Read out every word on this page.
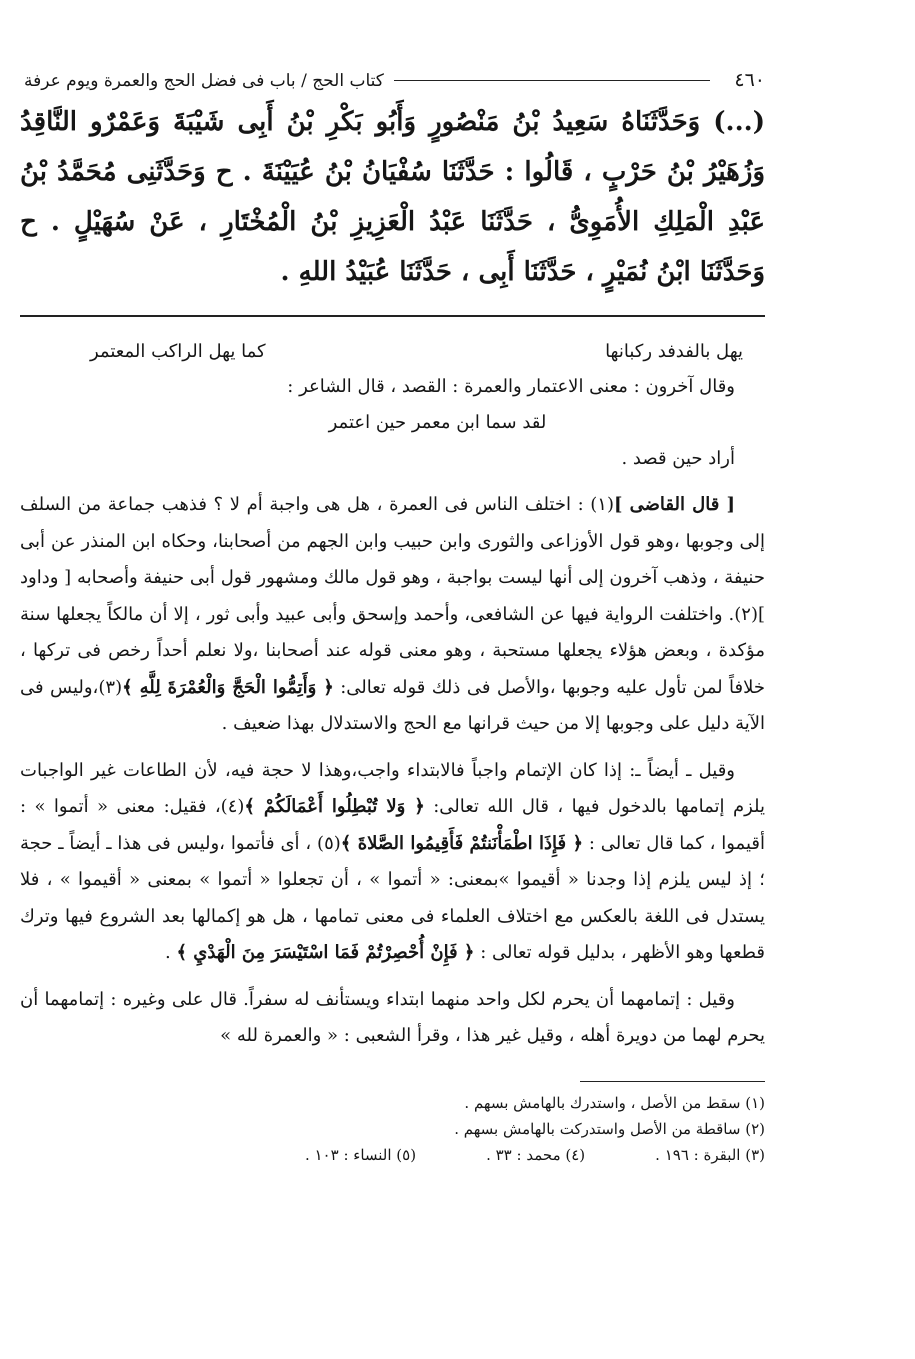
٤٦٠
كتاب الحج / باب فى فضل الحج والعمرة ويوم عرفة
(...) وَحَدَّثَنَاهُ سَعِيدُ بْنُ مَنْصُورٍ وَأَبُو بَكْرِ بْنُ أَبِى شَيْبَةَ وَعَمْرٌو النَّاقِدُ وَزُهَيْرُ بْنُ حَرْبٍ ، قَالُوا : حَدَّثَنَا سُفْيَانُ بْنُ عُيَيْنَةَ . ح وَحَدَّثَنِى مُحَمَّدُ بْنُ عَبْدِ الْمَلِكِ الأُمَوِىُّ ، حَدَّثَنَا عَبْدُ الْعَزِيزِ بْنُ الْمُخْتَارِ ، عَنْ سُهَيْلٍ . ح وَحَدَّثَنَا ابْنُ نُمَيْرٍ ، حَدَّثَنَا أَبِى ، حَدَّثَنَا عُبَيْدُ اللهِ .
يهل بالفدفد ركبانها
كما يهل الراكب المعتمر
وقال آخرون : معنى الاعتمار والعمرة : القصد ، قال الشاعر :
لقد سما ابن معمر حين اعتمر
أراد حين قصد .

[ قال القاضى ](١) : اختلف الناس فى العمرة ، هل هى واجبة أم لا ؟ فذهب جماعة من السلف إلى وجوبها ،وهو قول الأوزاعى والثورى وابن حبيب وابن الجهم من أصحابنا، وحكاه ابن المنذر عن أبى حنيفة ، وذهب آخرون إلى أنها ليست بواجبة ، وهو قول مالك ومشهور قول أبى حنيفة وأصحابه [ وداود ](٢). واختلفت الرواية فيها عن الشافعى، وأحمد وإسحق وأبى عبيد وأبى ثور ، إلا أن مالكاً يجعلها سنة مؤكدة ، وبعض هؤلاء يجعلها مستحبة ، وهو معنى قوله عند أصحابنا ،ولا نعلم أحداً رخص فى تركها ، خلافاً لمن تأول عليه وجوبها ،والأصل فى ذلك قوله تعالى: ﴿ وَأَتِمُّوا الْحَجَّ وَالْعُمْرَةَ لِلَّهِ ﴾(٣)،وليس فى الآية دليل على وجوبها إلا من حيث قرانها مع الحج والاستدلال بهذا ضعيف .

وقيل ـ أيضاً ـ: إذا كان الإتمام واجباً فالابتداء واجب،وهذا لا حجة فيه، لأن الطاعات غير الواجبات يلزم إتمامها بالدخول فيها ، قال الله تعالى: ﴿ وَلا تُبْطِلُوا أَعْمَالَكُمْ ﴾(٤)، فقيل: معنى « أتموا » : أقيموا ، كما قال تعالى : ﴿ فَإِذَا اطْمَأْنَنتُمْ فَأَقِيمُوا الصَّلاةَ ﴾(٥) ، أى فأتموا ،وليس فى هذا ـ أيضاً ـ حجة ؛ إذ ليس يلزم إذا وجدنا « أقيموا »بمعنى: « أتموا » ، أن تجعلوا « أتموا » بمعنى « أقيموا » ، فلا يستدل فى اللغة بالعكس مع اختلاف العلماء فى معنى تمامها ، هل هو إكمالها بعد الشروع فيها وترك قطعها وهو الأظهر ، بدليل قوله تعالى : ﴿ فَإِنْ أُحْصِرْتُمْ فَمَا اسْتَيْسَرَ مِنَ الْهَدْيِ ﴾ .

وقيل : إتمامهما أن يحرم لكل واحد منهما ابتداء ويستأنف له سفراً. قال على وغيره : إتمامهما أن يحرم لهما من دويرة أهله ، وقيل غير هذا ، وقرأ الشعبى : « والعمرة لله »

(١) سقط من الأصل ، واستدرك بالهامش بسهم .
(٢) ساقطة من الأصل واستدركت بالهامش بسهم .
(٣) البقرة : ١٩٦ .
(٤) محمد : ٣٣ .
(٥) النساء : ١٠٣ .
